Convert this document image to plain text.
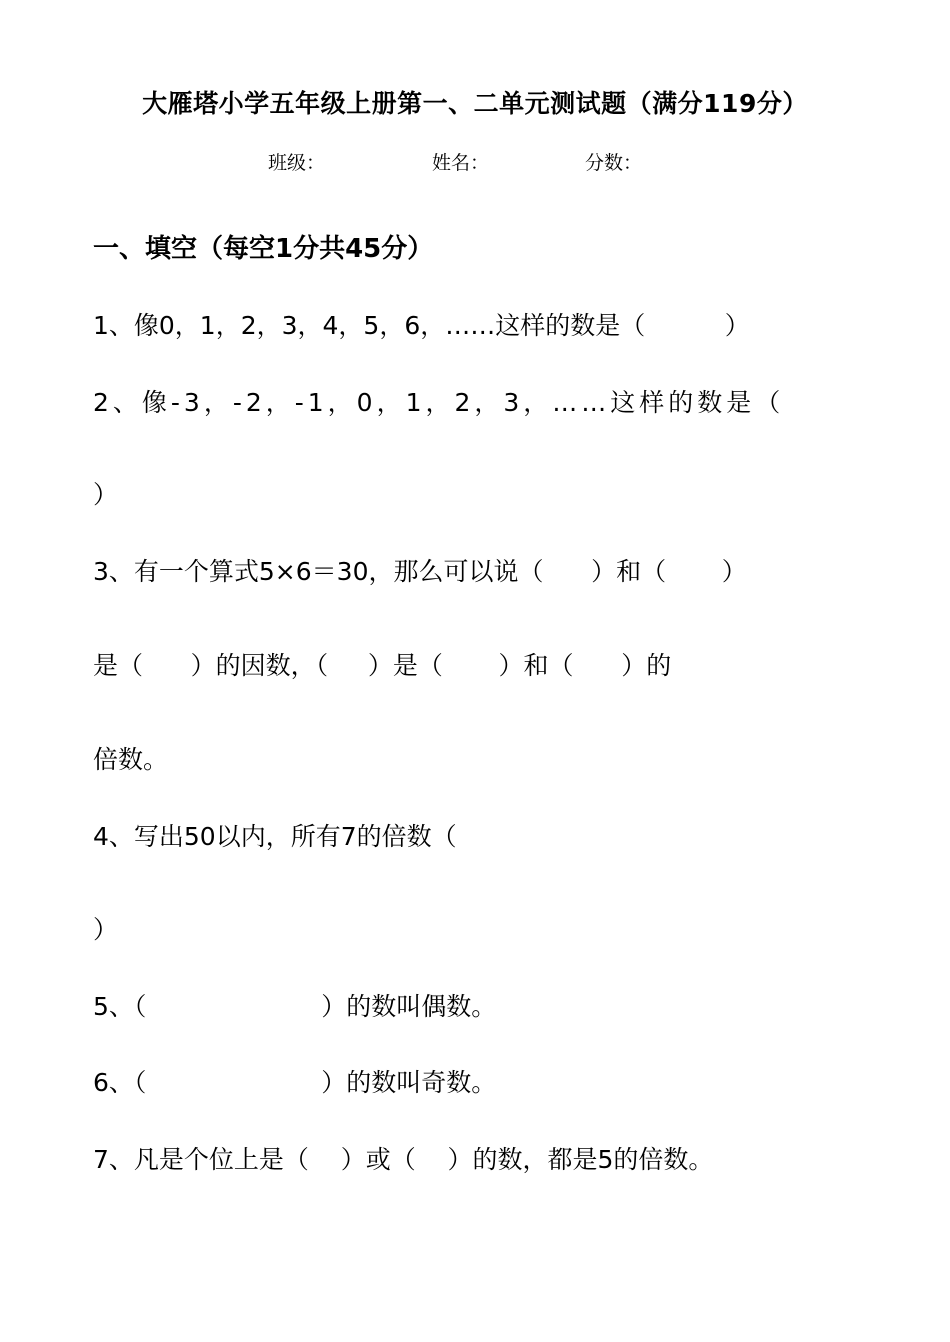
大雁塔小学五年级上册第一、二单元测试题（满分119分）
班级：	姓名：	分数：
一、填空（每空1分共45分）
1、像0，1，2，3，4，5，6，……这样的数是（          ）
2、像-3，-2，-1，0，1，2，3，……这样的数是（
）
3、有一个算式5×6＝30，那么可以说（      ）和（       ）
是（      ）的因数，（     ）是（       ）和（      ）的
倍数。
4、写出50以内，所有7的倍数（
）
5、（                      ）的数叫偶数。
6、（                      ）的数叫奇数。
7、凡是个位上是（    ）或（    ）的数，都是5的倍数。
